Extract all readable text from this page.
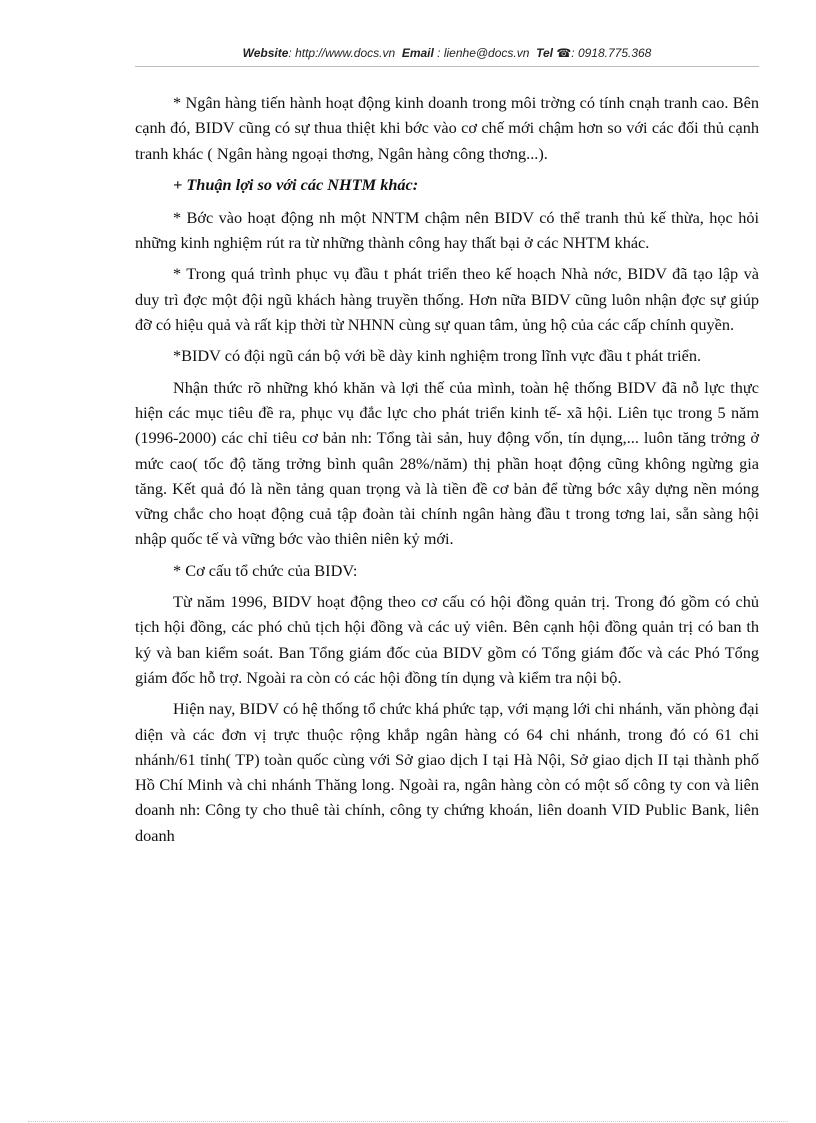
Website: http://www.docs.vn Email : lienhe@docs.vn Tel ☎: 0918.775.368

* Ngân hàng tiến hành hoạt động kinh doanh trong môi trờng có tính cnạh tranh cao. Bên cạnh đó, BIDV cũng có sự thua thiệt khi bớc vào cơ chế mới chậm hơn so với các đối thủ cạnh tranh khác ( Ngân hàng ngoại thơng, Ngân hàng công thơng...).

+ Thuận lợi so với các NHTM khác:

* Bớc vào hoạt động nh một NNTM chậm nên BIDV có thể tranh thủ kế thừa, học hỏi những kinh nghiệm rút ra từ những thành công hay thất bại ở các NHTM khác.

* Trong quá trình phục vụ đầu t phát triển theo kế hoạch Nhà nớc, BIDV đã tạo lập và duy trì đợc một đội ngũ khách hàng truyền thống. Hơn nữa BIDV cũng luôn nhận đợc sự giúp đỡ có hiệu quả và rất kịp thời từ NHNN cùng sự quan tâm, ủng hộ của các cấp chính quyền.

*BIDV có đội ngũ cán bộ với bề dày kinh nghiệm trong lĩnh vực đầu t phát triển.

Nhận thức rõ những khó khăn và lợi thế của mình, toàn hệ thống BIDV đã nỗ lực thực hiện các mục tiêu đề ra, phục vụ đắc lực cho phát triển kinh tế- xã hội. Liên tục trong 5 năm (1996-2000) các chỉ tiêu cơ bản nh: Tổng tài sản, huy động vốn, tín dụng,... luôn tăng trởng ở mức cao( tốc độ tăng trởng bình quân 28%/năm) thị phần hoạt động cũng không ngừng gia tăng. Kết quả đó là nền tảng quan trọng và là tiền đề cơ bản để từng bớc xây dựng nền móng vững chắc cho hoạt động cuả tập đoàn tài chính ngân hàng đầu t trong tơng lai, sẵn sàng hội nhập quốc tế và vững bớc vào thiên niên kỷ mới.

* Cơ cấu tổ chức của BIDV:

Từ năm 1996, BIDV hoạt động theo cơ cấu có hội đồng quản trị. Trong đó gồm có chủ tịch hội đồng, các phó chủ tịch hội đồng và các uỷ viên. Bên cạnh hội đồng quản trị có ban th ký và ban kiểm soát. Ban Tổng giám đốc của BIDV gồm có Tổng giám đốc và các Phó Tổng giám đốc hỗ trợ. Ngoài ra còn có các hội đồng tín dụng và kiểm tra nội bộ.

Hiện nay, BIDV có hệ thống tổ chức khá phức tạp, với mạng lới chi nhánh, văn phòng đại diện và các đơn vị trực thuộc rộng khắp ngân hàng có 64 chi nhánh, trong đó có 61 chi nhánh/61 tỉnh( TP) toàn quốc cùng với Sở giao dịch I tại Hà Nội, Sở giao dịch II tại thành phố Hồ Chí Minh và chi nhánh Thăng long. Ngoài ra, ngân hàng còn có một số công ty con và liên doanh nh: Công ty cho thuê tài chính, công ty chứng khoán, liên doanh VID Public Bank, liên doanh
